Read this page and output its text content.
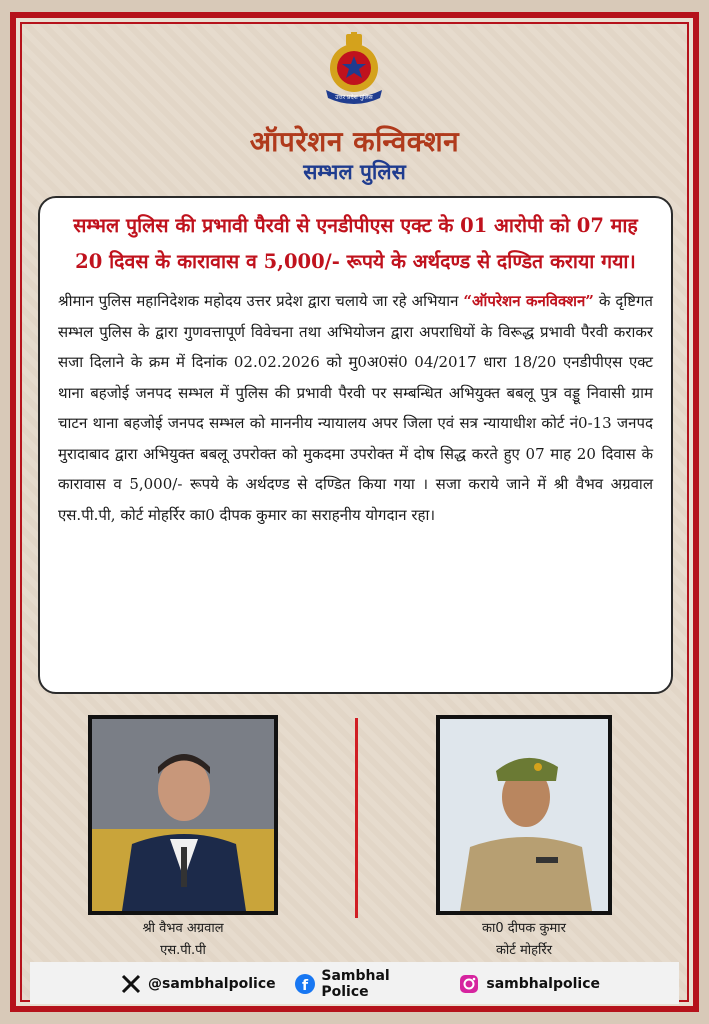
उत्तर प्रदेश पुलिस
ऑपरेशन कन्विक्शन
सम्भल पुलिस

सम्भल पुलिस की प्रभावी पैरवी से एनडीपीएस एक्ट के 01 आरोपी को 07 माह 20 दिवस के कारावास व 5,000/- रूपये के अर्थदण्ड से दण्डित कराया गया।

श्रीमान पुलिस महानिदेशक महोदय उत्तर प्रदेश द्वारा चलाये जा रहे अभियान “ऑपरेशन कनविक्शन” के दृष्टिगत सम्भल पुलिस के द्वारा गुणवत्तापूर्ण विवेचना तथा अभियोजन द्वारा अपराधियों के विरूद्ध प्रभावी पैरवी कराकर सजा दिलाने के क्रम में दिनांक 02.02.2026 को मु0अ0सं0 04/2017 धारा 18/20 एनडीपीएस एक्ट थाना बहजोई जनपद सम्भल में पुलिस की प्रभावी पैरवी पर सम्बन्धित अभियुक्त बबलू पुत्र वड्डू निवासी ग्राम चाटन थाना बहजोई जनपद सम्भल को माननीय न्यायालय अपर जिला एवं सत्र न्यायाधीश कोर्ट नं0-13 जनपद मुरादाबाद द्वारा अभियुक्त बबलू उपरोक्त को मुकदमा उपरोक्त में दोष सिद्ध करते हुए 07 माह 20 दिवास के कारावास व 5,000/- रूपये के अर्थदण्ड से दण्डित किया गया । सजा कराये जाने में श्री वैभव अग्रवाल एस.पी.पी, कोर्ट मोहर्रिर का0 दीपक कुमार का सराहनीय योगदान रहा।

श्री वैभव अग्रवाल
एस.पी.पी
का0 दीपक कुमार
कोर्ट मोहर्रिर
@sambhalpolice f
Sambhal Police	sambhalpolice
